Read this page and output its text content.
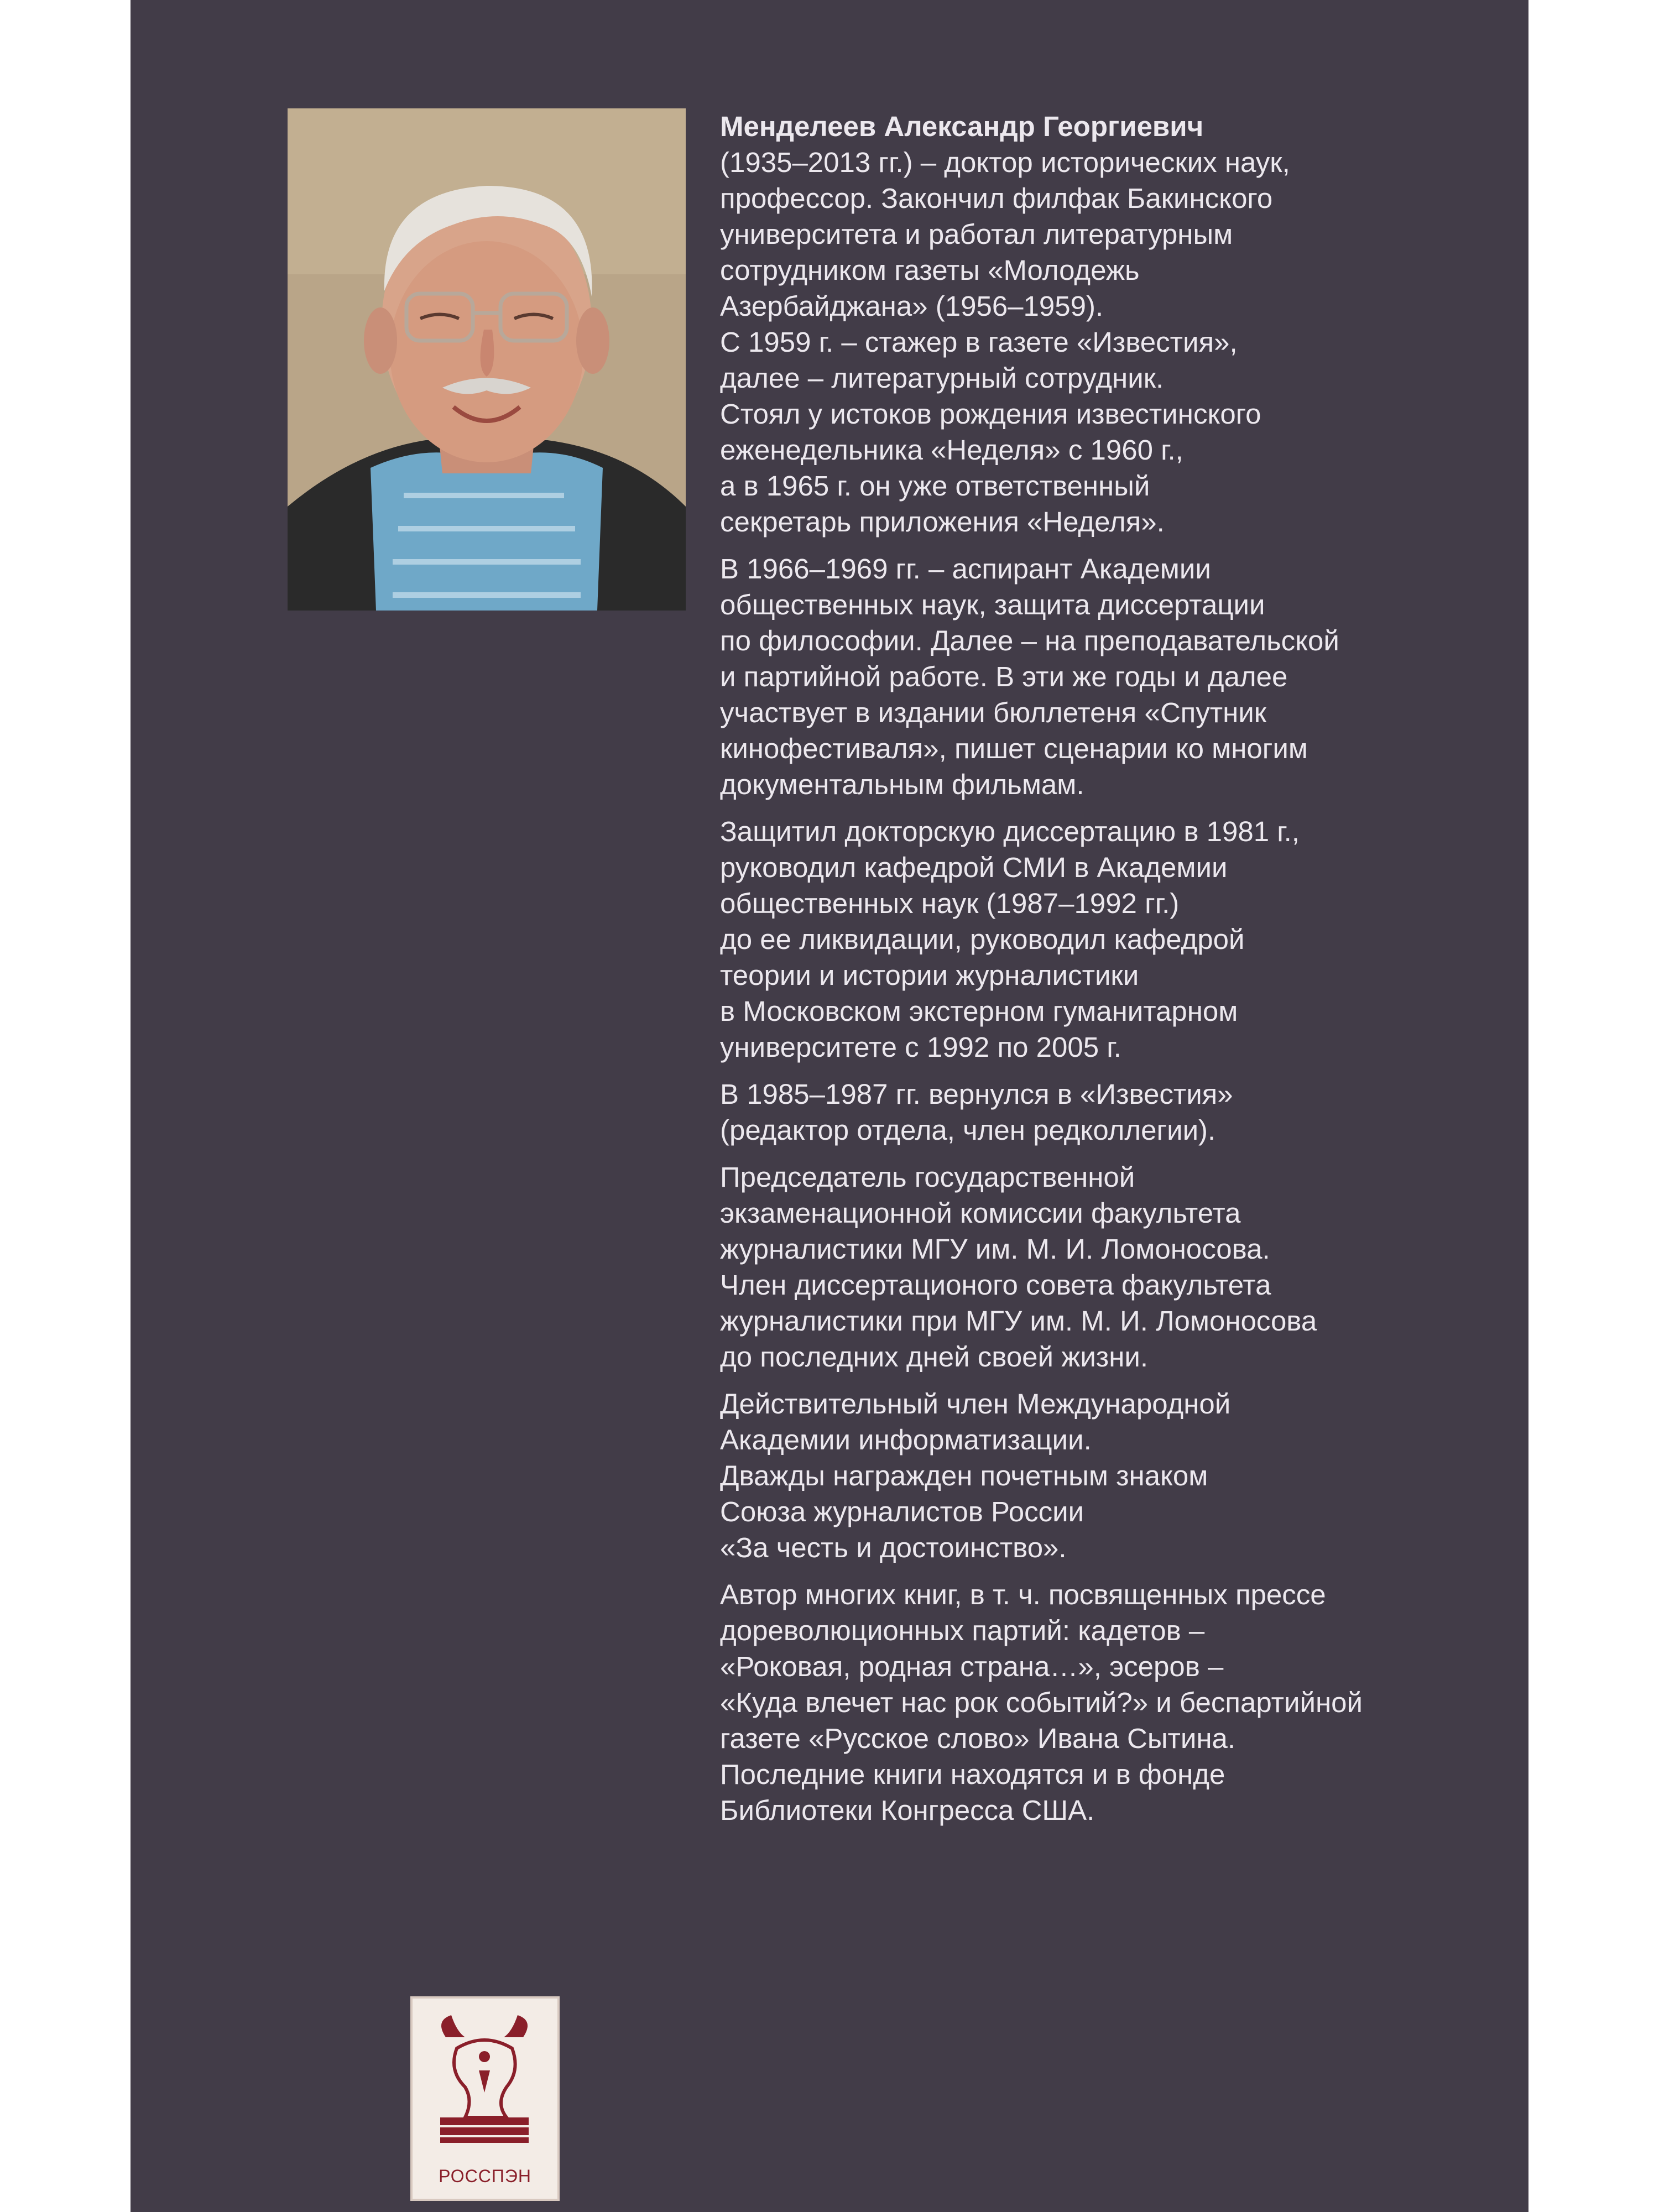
Менделеев Александр Георгиевич
(1935–2013 гг.) – доктор исторических наук,
профессор. Закончил филфак Бакинского
университета и работал литературным
сотрудником газеты «Молодежь
Азербайджана» (1956–1959).
С 1959 г. – стажер в газете «Известия»,
далее – литературный сотрудник.
Стоял у истоков рождения известинского
еженедельника «Неделя» с 1960 г.,
а в 1965 г. он уже ответственный
секретарь приложения «Неделя».

В 1966–1969 гг. – аспирант Академии
общественных наук, защита диссертации
по философии. Далее – на преподавательской
и партийной работе. В эти же годы и далее
участвует в издании бюллетеня «Спутник
кинофестиваля», пишет сценарии ко многим
документальным фильмам.

Защитил докторскую диссертацию в 1981 г.,
руководил кафедрой СМИ в Академии
общественных наук (1987–1992 гг.)
до ее ликвидации, руководил кафедрой
теории и истории журналистики
в Московском экстерном гуманитарном
университете с 1992 по 2005 г.

В 1985–1987 гг. вернулся в «Известия»
(редактор отдела, член редколлегии).

Председатель государственной
экзаменационной комиссии факультета
журналистики МГУ им. М. И. Ломоносова.
Член диссертационого совета факультета
журналистики при МГУ им. М. И. Ломоносова
до последних дней своей жизни.

Действительный член Международной
Академии информатизации.
Дважды награжден почетным знаком
Союза журналистов России
«За честь и достоинство».

Автор многих книг, в т. ч. посвященных прессе
дореволюционных партий: кадетов –
«Роковая, родная страна…», эсеров –
«Куда влечет нас рок событий?» и беспартийной
газете «Русское слово» Ивана Сытина.
Последние книги находятся и в фонде
Библиотеки Конгресса США.

РОССПЭН
